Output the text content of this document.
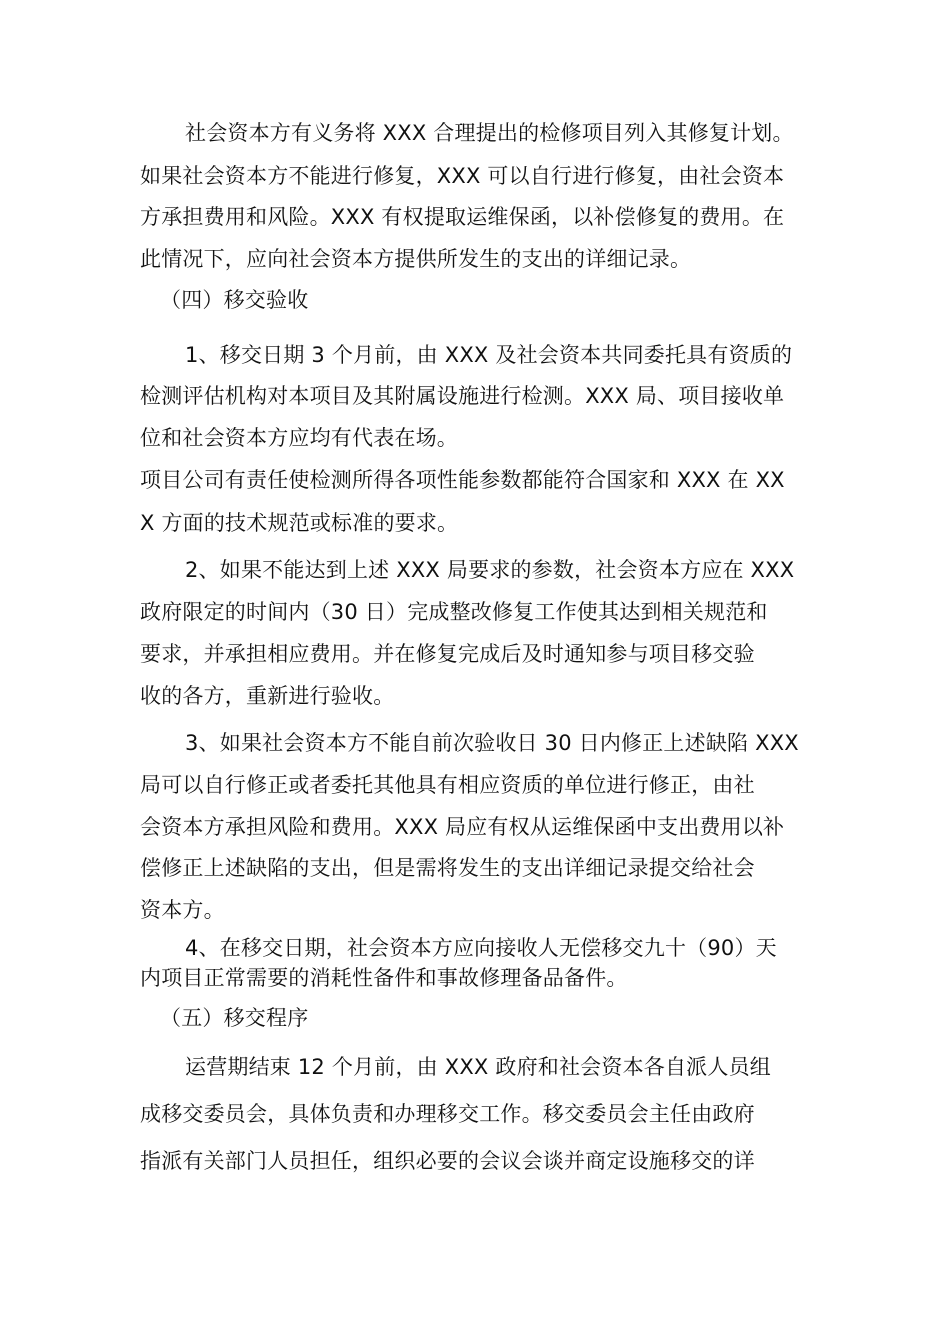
社会资本方有义务将 XXX 合理提出的检修项目列入其修复计划。
如果社会资本方不能进行修复，XXX 可以自行进行修复，由社会资本
方承担费用和风险。XXX 有权提取运维保函，以补偿修复的费用。在
此情况下，应向社会资本方提供所发生的支出的详细记录。
（四）移交验收
1、移交日期 3 个月前，由 XXX 及社会资本共同委托具有资质的
检测评估机构对本项目及其附属设施进行检测。XXX 局、项目接收单
位和社会资本方应均有代表在场。
项目公司有责任使检测所得各项性能参数都能符合国家和 XXX 在 XX
X 方面的技术规范或标准的要求。
2、如果不能达到上述 XXX 局要求的参数，社会资本方应在 XXX
政府限定的时间内（30 日）完成整改修复工作使其达到相关规范和
要求，并承担相应费用。并在修复完成后及时通知参与项目移交验
收的各方，重新进行验收。
3、如果社会资本方不能自前次验收日 30 日内修正上述缺陷 XXX
局可以自行修正或者委托其他具有相应资质的单位进行修正，由社
会资本方承担风险和费用。XXX 局应有权从运维保函中支出费用以补
偿修正上述缺陷的支出，但是需将发生的支出详细记录提交给社会
资本方。
4、在移交日期，社会资本方应向接收人无偿移交九十（90）天
内项目正常需要的消耗性备件和事故修理备品备件。
（五）移交程序
运营期结束 12 个月前，由 XXX 政府和社会资本各自派人员组
成移交委员会，具体负责和办理移交工作。移交委员会主任由政府
指派有关部门人员担任，组织必要的会议会谈并商定设施移交的详
